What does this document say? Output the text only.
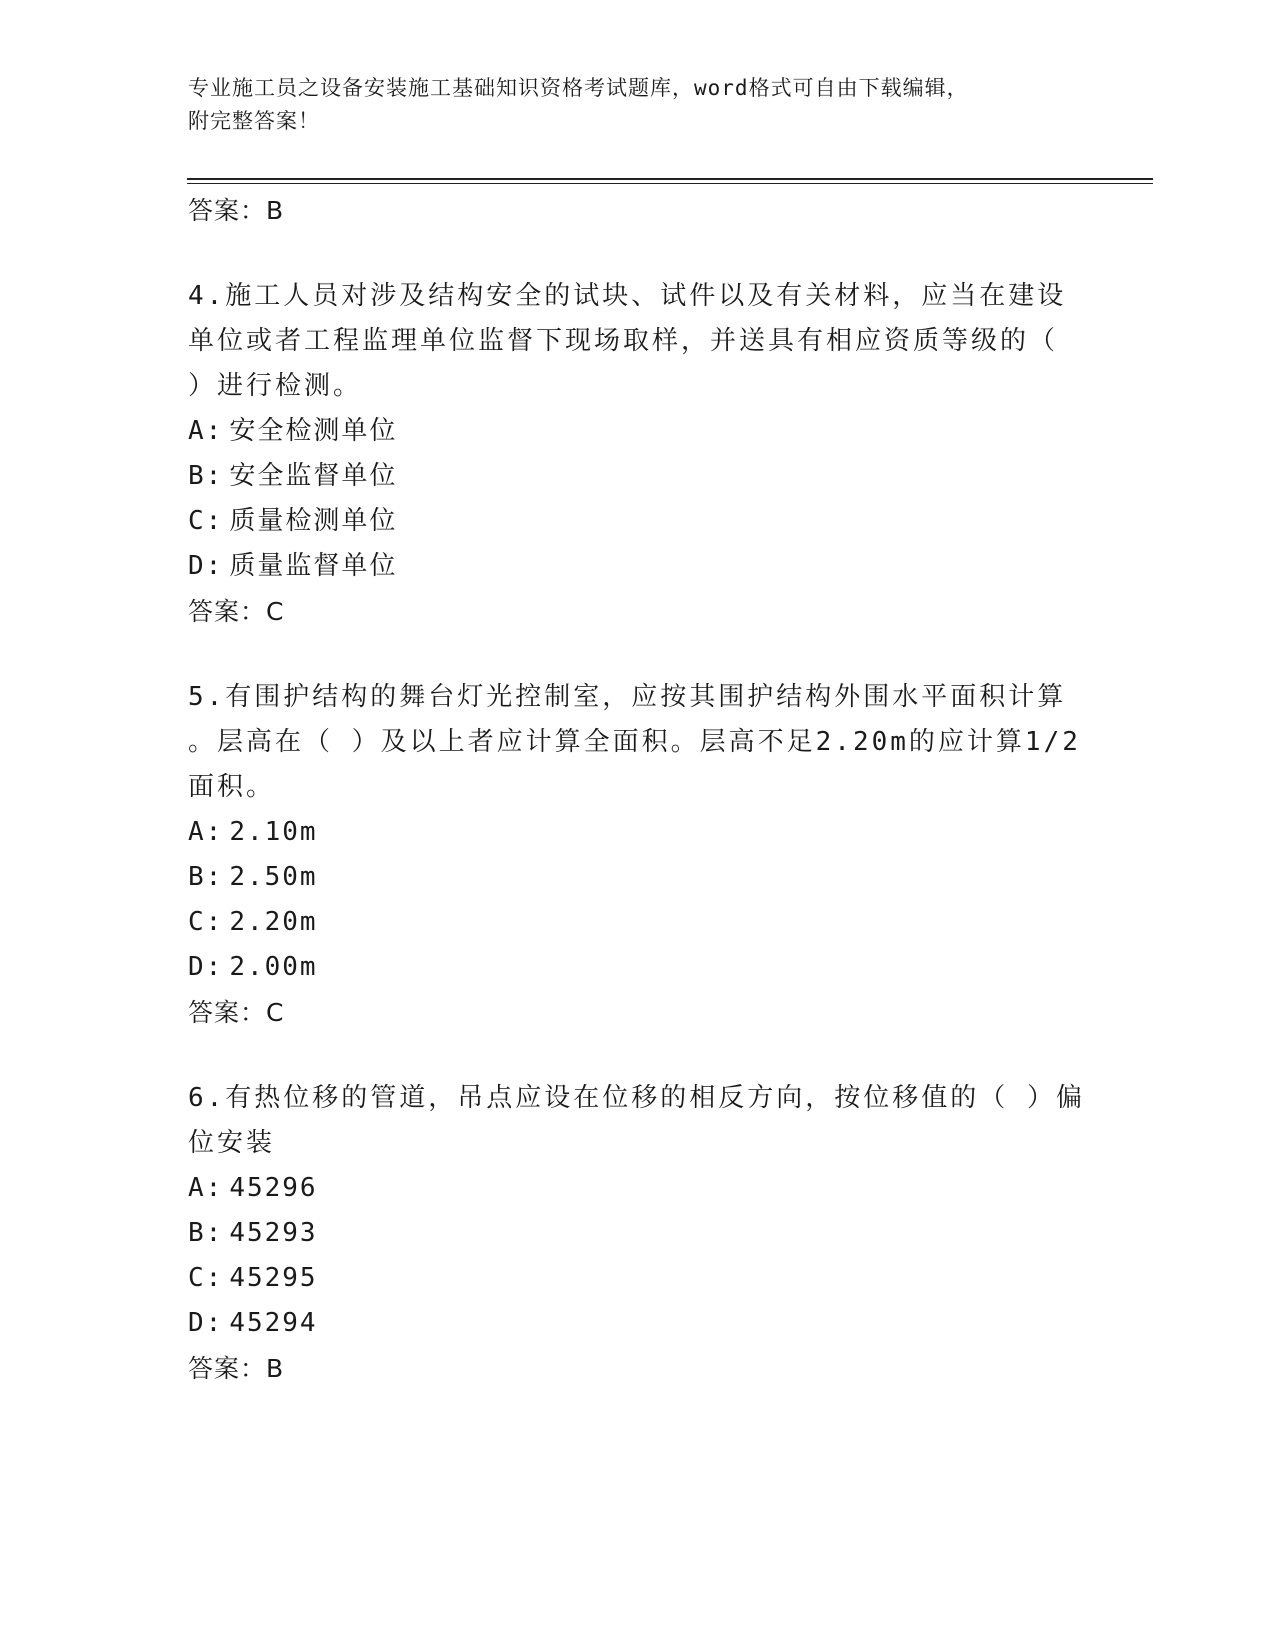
专业施工员之设备安装施工基础知识资格考试题库，word格式可自由下载编辑，
附完整答案！
答案：B
4.施工人员对涉及结构安全的试块、试件以及有关材料，应当在建设
单位或者工程监理单位监督下现场取样，并送具有相应资质等级的（
）进行检测。
A: 安全检测单位
B: 安全监督单位
C: 质量检测单位
D: 质量监督单位
答案：C
5.有围护结构的舞台灯光控制室，应按其围护结构外围水平面积计算
。层高在（ ）及以上者应计算全面积。层高不足2.20m的应计算1/2
面积。
A: 2.10m
B: 2.50m
C: 2.20m
D: 2.00m
答案：C
6.有热位移的管道，吊点应设在位移的相反方向，按位移值的（ ）偏
位安装
A: 45296
B: 45293
C: 45295
D: 45294
答案：B
